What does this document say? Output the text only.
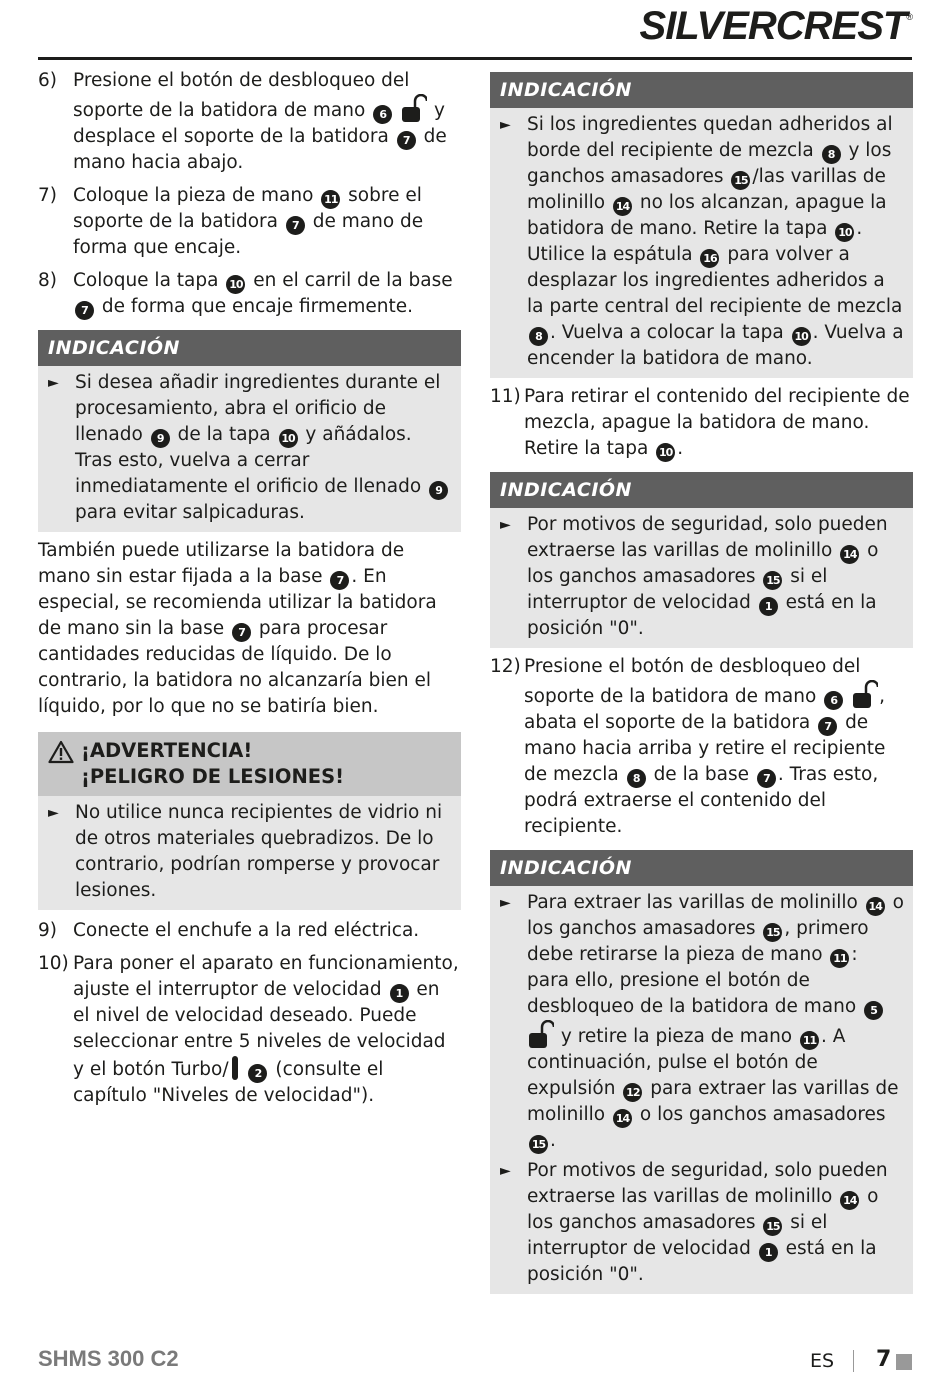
SILVERCREST®
6) Presione el botón de desbloqueo del soporte de la batidora de mano 6	y desplace el soporte de la batidora 7 de mano hacia abajo.
7) Coloque la pieza de mano 11 sobre el soporte de la batidora 7 de mano de forma que encaje.
8) Coloque la tapa 10 en el carril de la base 7 de forma que encaje firmemente.
INDICACIÓN
► Si desea añadir ingredientes durante el procesamiento, abra el orificio de llenado 9 de la tapa 10 y añádalos. Tras esto, vuelva a cerrar inmediatamente el orificio de llenado 9 para evitar salpicaduras.
También puede utilizarse la batidora de mano sin estar fijada a la base 7 . En especial, se recomienda utilizar la batidora de mano sin la base 7 para procesar cantidades reducidas de líquido. De lo contrario, la batidora no alcanzaría bien el líquido, por lo que no se batiría bien.
¡ADVERTENCIA!
¡PELIGRO DE LESIONES!
► No utilice nunca recipientes de vidrio ni de otros materiales quebradizos. De lo contrario, podrían romperse y provocar lesiones.
9) Conecte el enchufe a la red eléctrica.
10) Para poner el aparato en funcionamiento, ajuste el interruptor de velocidad 1 en el nivel de velocidad deseado. Puede seleccionar entre 5 niveles de velocidad y el botón Turbo/ 2 (consulte el capítulo "Niveles de velocidad").
INDICACIÓN
► Si los ingredientes quedan adheridos al borde del recipiente de mezcla 8 y los ganchos amasadores 15 /las varillas de molinillo 14 no los alcanzan, apague la batidora de mano. Retire la tapa 10 . Utilice la espátula 16 para volver a desplazar los ingredientes adheridos a la parte central del recipiente de mezcla 8 . Vuelva a colocar la tapa 10 . Vuelva a encender la batidora de mano.
11) Para retirar el contenido del recipiente de mezcla, apague la batidora de mano. Retire la tapa 10 .
INDICACIÓN
► Por motivos de seguridad, solo pueden extraerse las varillas de molinillo 14 o los ganchos amasadores 15 si el interruptor de velocidad 1 está en la posición "0".
12) Presione el botón de desbloqueo del soporte de la batidora de mano 6 , abata el soporte de la batidora 7 de mano hacia arriba y retire el recipiente de mezcla 8 de la base 7 . Tras esto, podrá extraerse el contenido del recipiente.
INDICACIÓN
► Para extraer las varillas de molinillo 14 o los ganchos amasadores 15 , primero debe retirarse la pieza de mano 11 : para ello, presione el botón de desbloqueo de la batidora de mano 5  y retire la pieza de mano 11 . A continuación, pulse el botón de expulsión 12 para extraer las varillas de molinillo 14 o los ganchos amasadores 15 .
► Por motivos de seguridad, solo pueden extraerse las varillas de molinillo 14 o los ganchos amasadores 15 si el interruptor de velocidad 1 está en la posición "0".
SHMS 300 C2	ES 7
